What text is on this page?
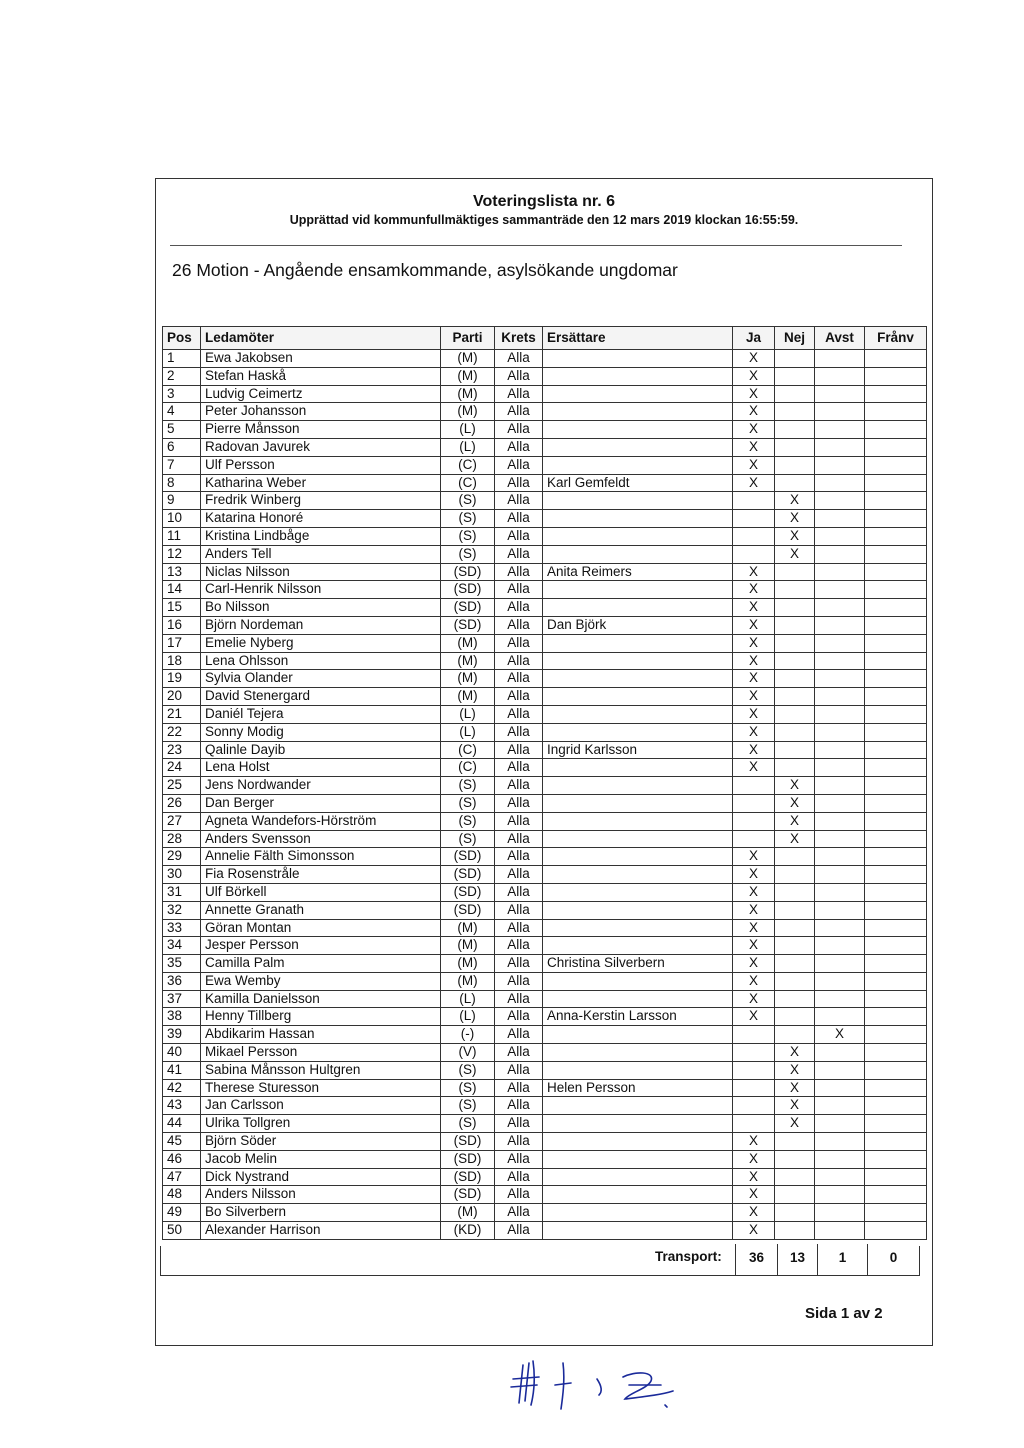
Voteringslista nr. 6
Upprättad vid kommunfullmäktiges sammanträde den 12 mars 2019 klockan 16:55:59.
26 Motion - Angående ensamkommande, asylsökande ungdomar
Pos	Ledamöter	Parti	Krets	Ersättare	Ja	Nej	Avst	Frånv
1	Ewa Jakobsen	(M)	Alla		X			
2	Stefan Haskå	(M)	Alla		X			
3	Ludvig Ceimertz	(M)	Alla		X			
4	Peter Johansson	(M)	Alla		X			
5	Pierre Månsson	(L)	Alla		X			
6	Radovan Javurek	(L)	Alla		X			
7	Ulf Persson	(C)	Alla		X			
8	Katharina Weber	(C)	Alla	Karl Gemfeldt	X			
9	Fredrik Winberg	(S)	Alla			X		
10	Katarina Honoré	(S)	Alla			X		
11	Kristina Lindbåge	(S)	Alla			X		
12	Anders Tell	(S)	Alla			X		
13	Niclas Nilsson	(SD)	Alla	Anita Reimers	X			
14	Carl-Henrik Nilsson	(SD)	Alla		X			
15	Bo Nilsson	(SD)	Alla		X			
16	Björn Nordeman	(SD)	Alla	Dan Björk	X			
17	Emelie Nyberg	(M)	Alla		X			
18	Lena Ohlsson	(M)	Alla		X			
19	Sylvia Olander	(M)	Alla		X			
20	David Stenergard	(M)	Alla		X			
21	Daniél Tejera	(L)	Alla		X			
22	Sonny Modig	(L)	Alla		X			
23	Qalinle Dayib	(C)	Alla	Ingrid Karlsson	X			
24	Lena Holst	(C)	Alla		X			
25	Jens Nordwander	(S)	Alla			X		
26	Dan Berger	(S)	Alla			X		
27	Agneta Wandefors-Hörström	(S)	Alla			X		
28	Anders Svensson	(S)	Alla			X		
29	Annelie Fälth Simonsson	(SD)	Alla		X			
30	Fia Rosenstråle	(SD)	Alla		X			
31	Ulf Börkell	(SD)	Alla		X			
32	Annette Granath	(SD)	Alla		X			
33	Göran Montan	(M)	Alla		X			
34	Jesper Persson	(M)	Alla		X			
35	Camilla Palm	(M)	Alla	Christina Silverbern	X			
36	Ewa Wemby	(M)	Alla		X			
37	Kamilla Danielsson	(L)	Alla		X			
38	Henny Tillberg	(L)	Alla	Anna-Kerstin Larsson	X			
39	Abdikarim Hassan	(-)	Alla				X	
40	Mikael Persson	(V)	Alla			X		
41	Sabina Månsson Hultgren	(S)	Alla			X		
42	Therese Sturesson	(S)	Alla	Helen Persson		X		
43	Jan Carlsson	(S)	Alla			X		
44	Ulrika Tollgren	(S)	Alla			X		
45	Björn Söder	(SD)	Alla		X			
46	Jacob Melin	(SD)	Alla		X			
47	Dick Nystrand	(SD)	Alla		X			
48	Anders Nilsson	(SD)	Alla		X			
49	Bo Silverbern	(M)	Alla		X			
50	Alexander Harrison	(KD)	Alla		X			
Transport:	36	13	1	0
Sida 1 av 2
